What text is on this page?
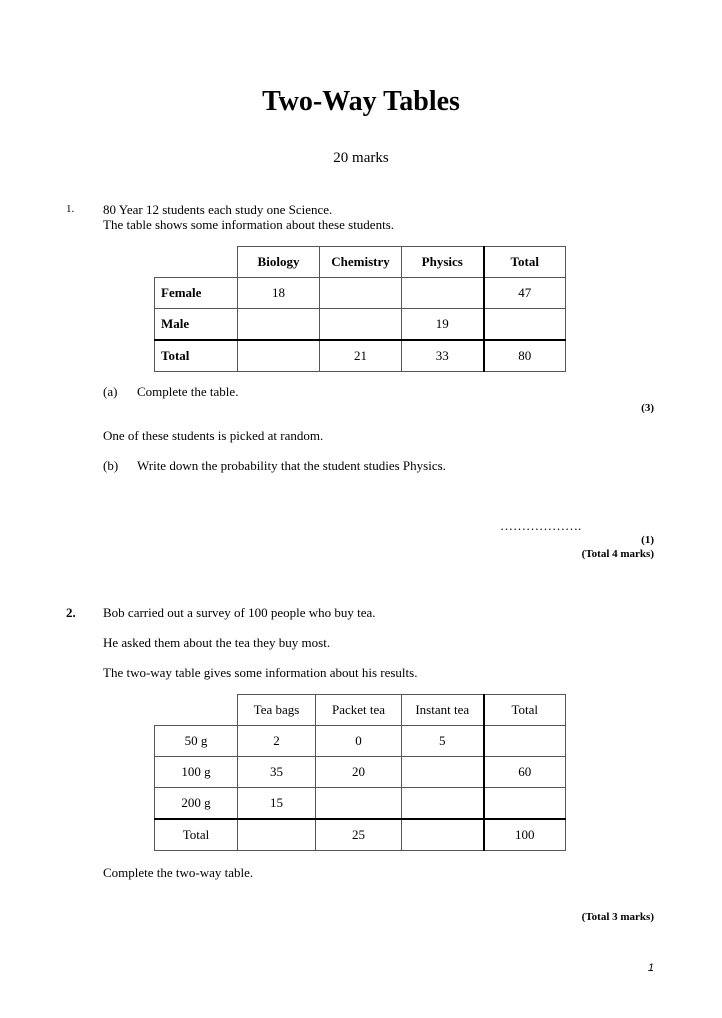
Two-Way Tables
20 marks
1. 80 Year 12 students each study one Science.
The table shows some information about these students.
	Biology	Chemistry	Physics	Total
Female	18			47
Male			19	
Total		21	33	80
(a) Complete the table.
(3)
One of these students is picked at random.
(b) Write down the probability that the student studies Physics.
……………….
(1)
(Total 4 marks)
2. Bob carried out a survey of 100 people who buy tea.
He asked them about the tea they buy most.
The two-way table gives some information about his results.
	Tea bags	Packet tea	Instant tea	Total
50 g	2	0	5	
100 g	35	20		60
200 g	15			
Total		25		100
Complete the two-way table.
(Total 3 marks)
1
